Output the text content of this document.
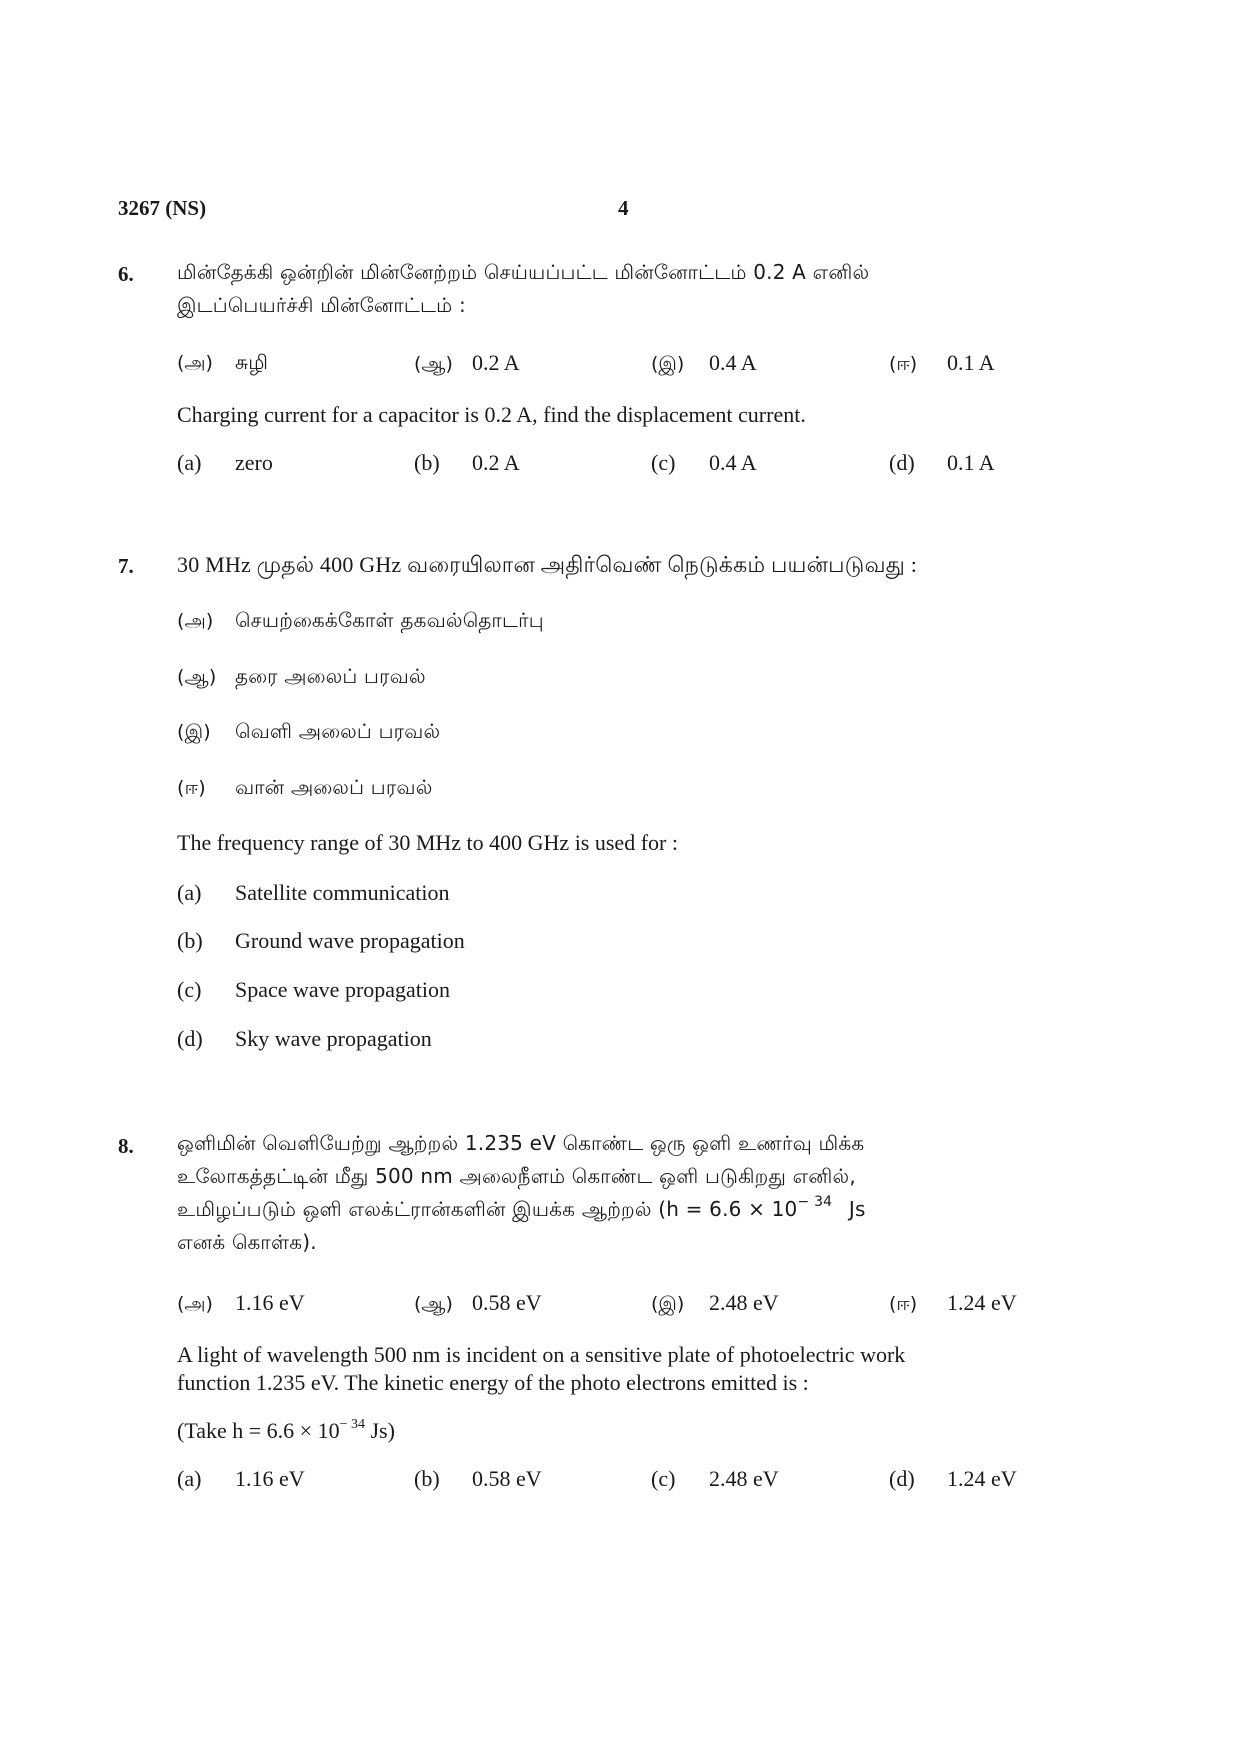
3267 (NS)	4
6. மின்தேக்கி ஒன்றின் மின்னேற்றம் செய்யப்பட்ட மின்னோட்டம் 0.2 A எனில்
இடப்பெயர்ச்சி மின்னோட்டம் :
(அ) சுழி	(ஆ) 0.2 A	(இ) 0.4 A	(ஈ) 0.1 A
Charging current for a capacitor is 0.2 A, find the displacement current.
(a) zero	(b) 0.2 A	(c) 0.4 A	(d) 0.1 A
7. 30 MHz முதல் 400 GHz வரையிலான அதிர்வெண் நெடுக்கம் பயன்படுவது :
(அ) செயற்கைக்கோள் தகவல்தொடர்பு
(ஆ) தரை அலைப் பரவல்
(இ) வெளி அலைப் பரவல்
(ஈ) வான் அலைப் பரவல்
The frequency range of 30 MHz to 400 GHz is used for :
(a) Satellite communication
(b) Ground wave propagation
(c) Space wave propagation
(d) Sky wave propagation
8. ஒளிமின் வெளியேற்று ஆற்றல் 1.235 eV கொண்ட ஒரு ஒளி உணர்வு மிக்க
உலோகத்தட்டின் மீது 500 nm அலைநீளம் கொண்ட ஒளி படுகிறது எனில்,
உமிழப்படும் ஒளி எலக்ட்ரான்களின் இயக்க ஆற்றல் ($h = 6.6 \times 10^{- 34}$ Js
எனக் கொள்க).
(அ) 1.16 eV	(ஆ) 0.58 eV	(இ) 2.48 eV	(ஈ) 1.24 eV
A light of wavelength 500 nm is incident on a sensitive plate of photoelectric work
function 1.235 eV. The kinetic energy of the photo electrons emitted is :
(Take $h = 6.6 \times 10^{- 34}$ Js)
(a) 1.16 eV	(b) 0.58 eV	(c) 2.48 eV	(d) 1.24 eV
